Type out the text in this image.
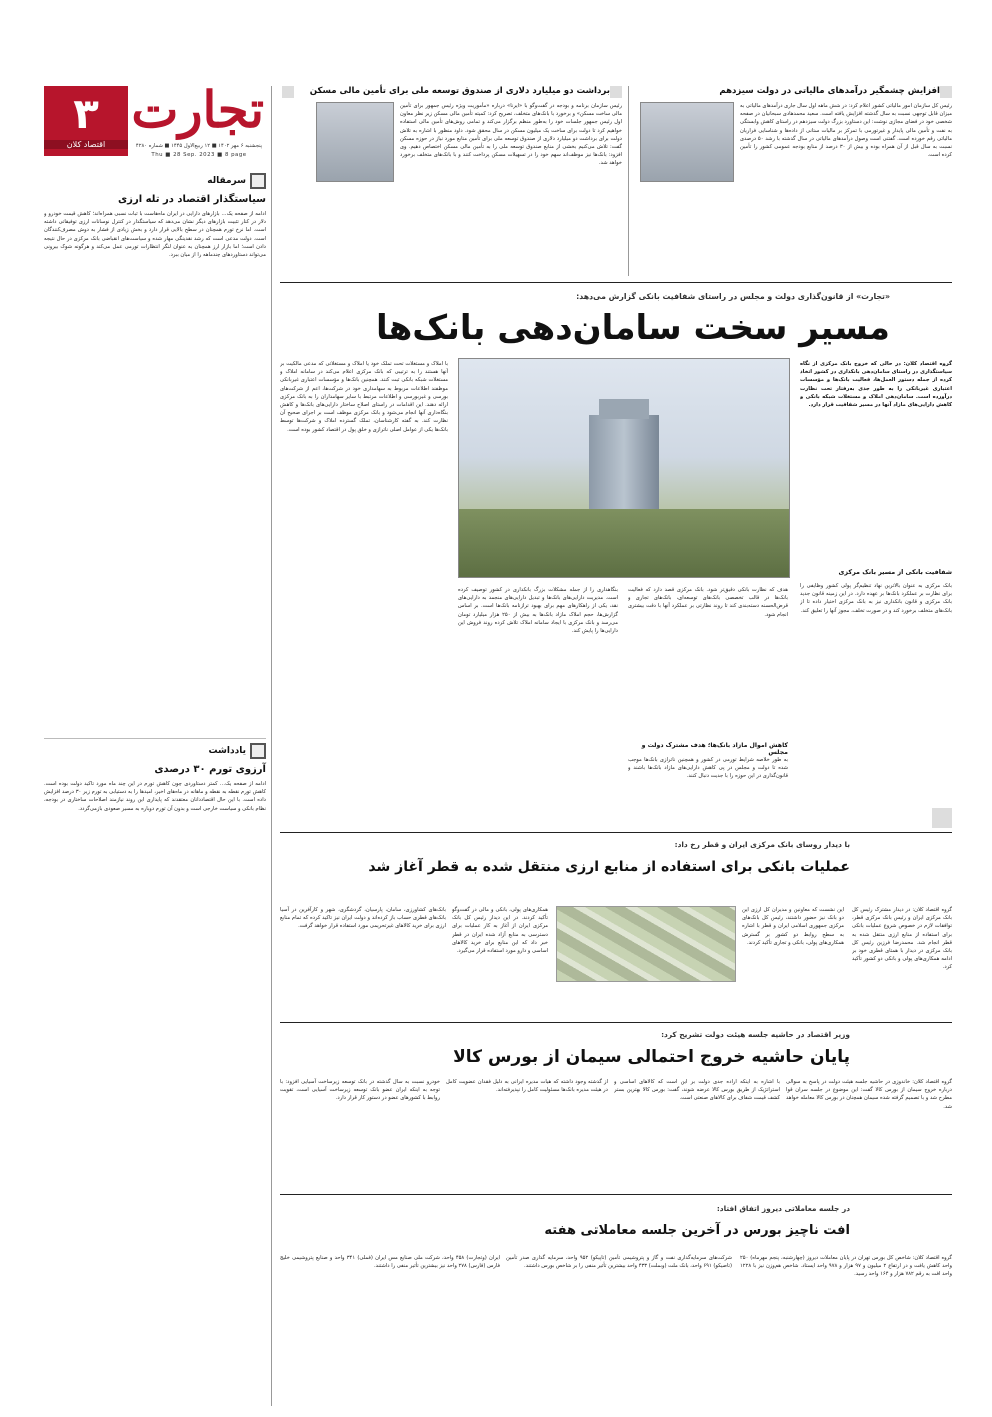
۳
اقتصاد کلان
تجارت
پنجشنبه ۶ مهر ۱۴۰۲ ■ ۱۲ ربیع‌الاول ۱۴۴۵ ■ شماره ۴۲۸۰
Thu ■ 28 Sep. 2023 ■ 8 page
سرمقاله
سیاستگذار اقتصاد در تله ارزی
ادامه از صفحه یک… بازارهای دارایی در ایران ماه‌هاست با ثبات نسبی همراه‌اند؛ کاهش قیمت خودرو و دلار در کنار تثبیت بازارهای دیگر نشان می‌دهد که سیاستگذار در کنترل نوسانات ارزی توفیقاتی داشته است. اما نرخ تورم همچنان در سطح بالایی قرار دارد و بخش زیادی از فشار به دوش مصرف‌کنندگان است. دولت مدعی است که رشد نقدینگی مهار شده و سیاست‌های انقباضی بانک مرکزی در حال نتیجه دادن است؛ اما بازار ارز همچنان به عنوان لنگر انتظارات تورمی عمل می‌کند و هرگونه شوک بیرونی می‌تواند دستاوردهای چندماهه را از میان ببرد.
یادداشت
آرزوی تورم ۳۰ درصدی
ادامه از صفحه یک… کمتر دستاوردی چون کاهش تورم در این چند ماه مورد تاکید دولت بوده است. کاهش تورم نقطه به نقطه و ماهانه در ماه‌های اخیر، امیدها را به دستیابی به تورم زیر ۳۰ درصد افزایش داده است. با این حال اقتصاددانان معتقدند که پایداری این روند نیازمند اصلاحات ساختاری در بودجه، نظام بانکی و سیاست خارجی است و بدون آن تورم دوباره به مسیر صعودی بازمی‌گردد.
افزایش چشمگیر درآمدهای مالیاتی در دولت سیزدهم
رئیس کل سازمان امور مالیاتی کشور اعلام کرد: در شش ماهه اول سال جاری درآمدهای مالیاتی به میزان قابل توجهی نسبت به سال گذشته افزایش یافته است. سعید محمدهادی سبحانیان در صفحه شخصی خود در فضای مجازی نوشت: این دستاورد بزرگ دولت سیزدهم در راستای کاهش وابستگی به نفت و تأمین مالی پایدار و غیرتورمی با تمرکز بر مالیات ستانی از داده‌ها و شناسایی فراریان مالیاتی رقم خورده است. گفتنی است وصول درآمدهای مالیاتی در سال گذشته با رشد ۵۰ درصدی نسبت به سال قبل از آن همراه بوده و بیش از ۳۰ درصد از منابع بودجه عمومی کشور را تأمین کرده است.
برداشت دو میلیارد دلاری از صندوق توسعه ملی برای تأمین مالی مسکن
رئیس سازمان برنامه و بودجه در گفت‌وگو با «ایرنا» درباره «مأموریت ویژه رئیس جمهور برای تأمین مالی ساخت مسکن» و برخورد با بانک‌های متخلف، تصریح کرد: کمیته تأمین مالی مسکن زیر نظر معاون اول رئیس جمهور جلسات خود را به‌طور منظم برگزار می‌کند و تمامی روش‌های تأمین مالی استفاده خواهیم کرد تا دولت برای ساخت یک میلیون مسکن در سال محقق شود. داود منظور با اشاره به تلاش دولت برای برداشت دو میلیارد دلاری از صندوق توسعه ملی برای تأمین منابع مورد نیاز در حوزه مسکن گفت: تلاش می‌کنیم بخشی از منابع صندوق توسعه ملی را به تأمین مالی مسکن اختصاص دهیم. وی افزود: بانک‌ها نیز موظف‌اند سهم خود را در تسهیلات مسکن پرداخت کنند و با بانک‌های متخلف برخورد خواهد شد.
«تجارت» از قانون‌گذاری دولت و مجلس در راستای شفافیت بانکی گزارش می‌دهد:
مسیر سخت سامان‌دهی بانک‌ها
گروه اقتصاد کلان: در حالی که خروج بانک مرکزی از نگاه سیاستگذاری در راستای سامان‌دهی بانکداری در کشور اتخاذ کرده از جمله دستور العمل‌ها، فعالیت بانک‌ها و مؤسسات اعتباری غیربانکی را به طور جدی به‌رفتار تحت نظارت درآورده است. سامان‌دهی املاک و مستغلات شبکه بانکی و کاهش دارایی‌های مازاد آنها در مسیر شفافیت قرار دارد.
شفافیت بانکی از مسیر بانک مرکزی
بانک مرکزی به عنوان بالاترین نهاد تنظیم‌گر پولی کشور وظایفی را برای نظارت بر عملکرد بانک‌ها بر عهده دارد. در این زمینه قانون جدید بانک مرکزی و قانون بانکداری نیز به بانک مرکزی اختیار داده تا از بانک‌های متخلف برخورد کند و در صورت تخلف، مجوز آنها را تعلیق کند.
با املاک و مستغلات تحت تملک خود یا املاک و مستغلاتی که مدعی مالکیت بر آنها هستند را به ترتیبی که بانک مرکزی اعلام می‌کند در سامانه املاک و مستغلات شبکه بانکی ثبت کنند. همچنین بانک‌ها و مؤسسات اعتباری غیربانکی موظفند اطلاعات مربوط به سهامداری خود در شرکت‌ها، اعم از شرکت‌های بورسی و غیربورسی و اطلاعات مرتبط با سایر سهامداران را به بانک مرکزی ارائه دهند. این اقدامات در راستای اصلاح ساختار دارایی‌های بانک‌ها و کاهش بنگاه‌داری آنها انجام می‌شود و بانک مرکزی موظف است بر اجرای صحیح آن نظارت کند. به گفته کارشناسان، تملک گسترده املاک و شرکت‌ها توسط بانک‌ها یکی از عوامل اصلی ناترازی و خلق پول در اقتصاد کشور بوده است.
بنگاهداری را از جمله مشکلات بزرگ بانکداری در کشور توصیف کرده است. مدیریت دارایی‌های بانک‌ها و تبدیل دارایی‌های منجمد به دارایی‌های نقد، یکی از راهکارهای مهم برای بهبود ترازنامه بانک‌ها است. بر اساس گزارش‌ها، حجم املاک مازاد بانک‌ها به بیش از ۲۵۰ هزار میلیارد تومان می‌رسد و بانک مرکزی با ایجاد سامانه املاک تلاش کرده روند فروش این دارایی‌ها را پایش کند.
هدف که نظارت بانکی دقیق‌تر شود. بانک مرکزی قصد دارد که فعالیت بانک‌ها در قالب تخصصی بانک‌های توسعه‌ای، بانک‌های تجاری و قرض‌الحسنه دسته‌بندی کند تا روند نظارتی بر عملکرد آنها با دقت بیشتری انجام شود.
کاهش اموال مازاد بانک‌ها؛ هدف مشترک دولت و مجلس
به طور خلاصه شرایط تورمی در کشور و همچنین ناترازی بانک‌ها موجب شده تا دولت و مجلس در پی کاهش دارایی‌های مازاد بانک‌ها باشند و قانون‌گذاری در این حوزه را با جدیت دنبال کنند.
با دیدار روسای بانک مرکزی ایران و قطر رخ داد:
عملیات بانکی برای استفاده از منابع ارزی منتقل شده به قطر آغاز شد
گروه اقتصاد کلان: در دیدار مشترک رئیس کل بانک مرکزی ایران و رئیس بانک مرکزی قطر، توافقات لازم در خصوص شروع عملیات بانکی برای استفاده از منابع ارزی منتقل شده به قطر انجام شد. محمدرضا فرزین رئیس کل بانک مرکزی در دیدار با همتای قطری خود بر ادامه همکاری‌های پولی و بانکی دو کشور تأکید کرد.
این نشست که معاونین و مدیران کل ارزی این دو بانک نیز حضور داشتند، رئیس کل بانک‌های مرکزی جمهوری اسلامی ایران و قطر با اشاره به سطح روابط دو کشور بر گسترش همکاری‌های پولی، بانکی و تجاری تأکید کردند.
همکاری‌های پولی، بانکی و مالی در گفت‌وگو تأکید کردند. در این دیدار رئیس کل بانک مرکزی ایران از آغاز به کار عملیات برای دسترسی به منابع آزاد شده ایران در قطر خبر داد که این منابع برای خرید کالاهای اساسی و دارو مورد استفاده قرار می‌گیرد.
بانک‌های کشاورزی، سامان، پارسیان، گردشگری، شهر و کارآفرین در آسیا بانک‌های قطری حساب باز کرده‌اند و دولت ایران نیز تاکید کرده که تمام منابع ارزی برای خرید کالاهای غیرتحریمی مورد استفاده قرار خواهد گرفت.
وزیر اقتصاد در حاشیه جلسه هیئت دولت تشریح کرد:
پایان حاشیه خروج احتمالی سیمان از بورس کالا
گروه اقتصاد کلان: خاندوزی در حاشیه جلسه هیئت دولت در پاسخ به سوالی درباره خروج سیمان از بورس کالا گفت: این موضوع در جلسه سران قوا مطرح شد و با تصمیم گرفته شده سیمان همچنان در بورس کالا معامله خواهد شد.
با اشاره به اینکه اراده جدی دولت بر این است که کالاهای اساسی و استراتژیک از طریق بورس کالا عرضه شوند، گفت: بورس کالا بهترین بستر کشف قیمت شفاف برای کالاهای صنعتی است.
از گذشته وجود داشته که هیات مدیره ایرانی به دلیل فقدان عضویت کامل در هیئت مدیره بانک‌ها مسئولیت کامل را نپذیرفته‌اند.
خودرو نسبت به سال گذشته در بانک توسعه زیرساخت آسیایی افزود: با توجه به اینکه ایران عضو بانک توسعه زیرساخت آسیایی است، تقویت روابط با کشورهای عضو در دستور کار قرار دارد.
در جلسه معاملاتی دیروز اتفاق افتاد:
افت ناچیز بورس در آخرین جلسه معاملاتی هفته
گروه اقتصاد کلان: شاخص کل بورس تهران در پایان معاملات دیروز (چهارشنبه، پنجم مهرماه) ۲۵۰ واحد کاهش یافت و در ارتفاع ۲ میلیون و ۹۷ هزار و ۹۷۸ واحد ایستاد. شاخص هم‌وزن نیز با ۱۲۲۸ واحد افت به رقم ۷۸۲ هزار و ۱۶۴ واحد رسید.
شرکت‌های سرمایه‌گذاری نفت و گاز و پتروشیمی تأمین (تاپیکو) ۹۵۲ واحد، سرمایه گذاری صدر تأمین (تاصیکو) ۶۹۱ واحد، بانک ملت (وبملت) ۴۳۳ واحد بیشترین تأثیر منفی را بر شاخص بورس داشتند.
ایران (وتجارت) ۴۵۸ واحد، شرکت ملی صنایع مس ایران (فملی) ۳۴۱ واحد و صنایع پتروشیمی خلیج فارس (فارس) ۲۷۸ واحد نیز بیشترین تأثیر منفی را داشتند.
